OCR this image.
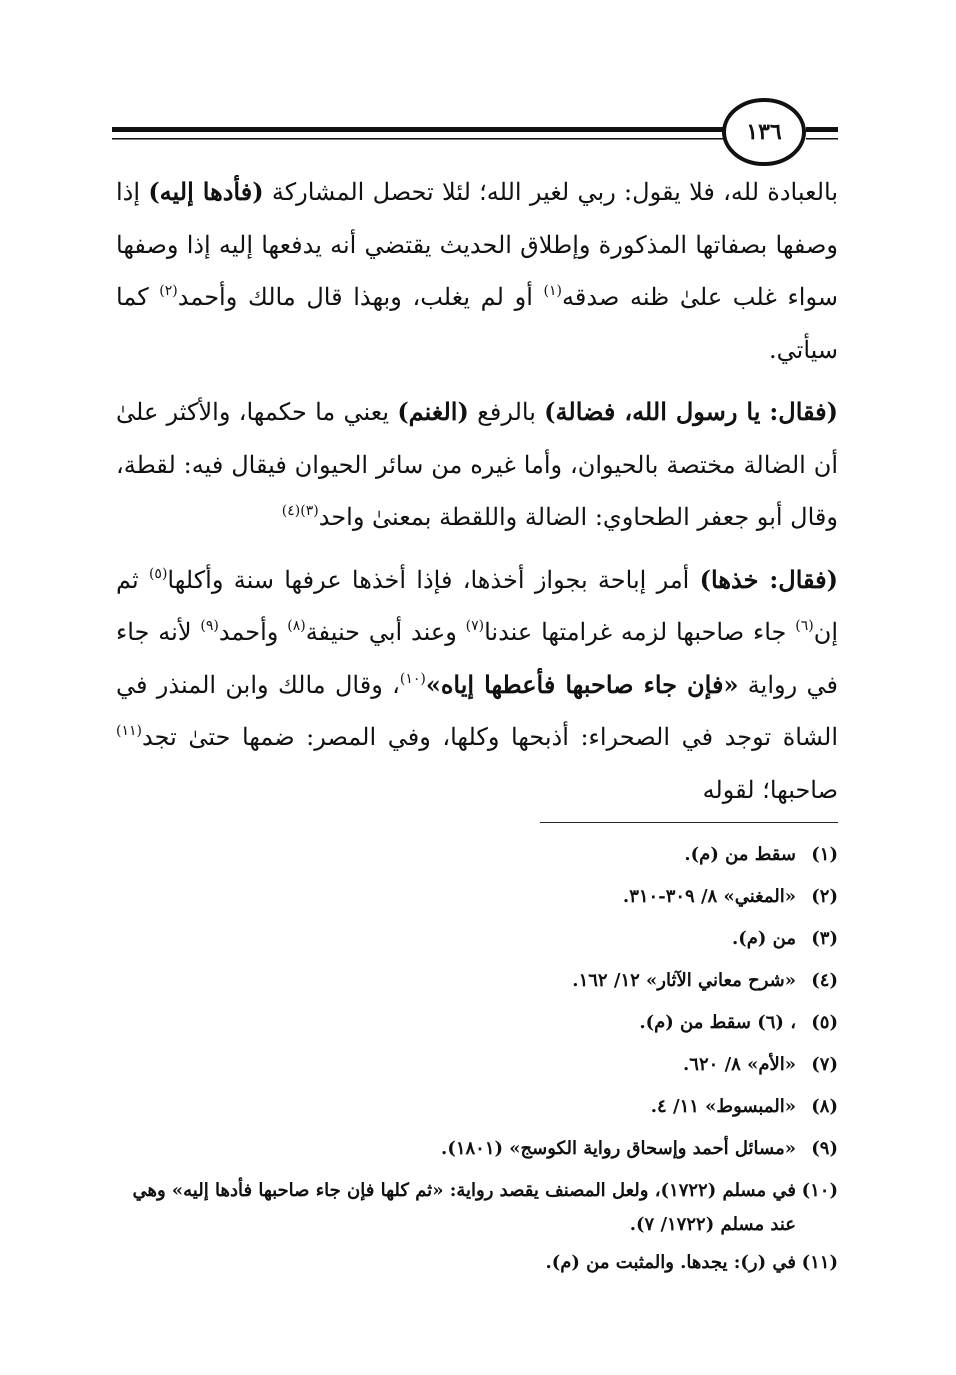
١٣٦

بالعبادة لله، فلا يقول: ربي لغير الله؛ لئلا تحصل المشاركة (فأدها إليه) إذا وصفها بصفاتها المذكورة وإطلاق الحديث يقتضي أنه يدفعها إليه إذا وصفها سواء غلب علىٰ ظنه صدقه$^{(١)}$ أو لم يغلب، وبهذا قال مالك وأحمد$^{(٢)}$ كما سيأتي.

(فقال: يا رسول الله، فضالة) بالرفع (الغنم) يعني ما حكمها، والأكثر علىٰ أن الضالة مختصة بالحيوان، وأما غيره من سائر الحيوان فيقال فيه: لقطة، وقال أبو جعفر الطحاوي: الضالة واللقطة بمعنىٰ واحد$^{(٣)(٤)}$

(فقال: خذها) أمر إباحة بجواز أخذها، فإذا أخذها عرفها سنة وأكلها$^{(٥)}$ ثم إن$^{(٦)}$ جاء صاحبها لزمه غرامتها عندنا$^{(٧)}$ وعند أبي حنيفة$^{(٨)}$ وأحمد$^{(٩)}$ لأنه جاء في رواية «فإن جاء صاحبها فأعطها إياه»$^{(١٠)}$، وقال مالك وابن المنذر في الشاة توجد في الصحراء: أذبحها وكلها، وفي المصر: ضمها حتىٰ تجد$^{(١١)}$ صاحبها؛ لقوله

(١)
سقط من (م).
(٢)
«المغني» ٨/ ٣٠٩-٣١٠.
(٣)
من (م).
(٤)
«شرح معاني الآثار» ١٢/ ١٦٢.
(٥)
، (٦) سقط من (م).
(٧)
«الأم» ٨/ ٦٢٠.
(٨)
«المبسوط» ١١/ ٤.
(٩)
«مسائل أحمد وإسحاق رواية الكوسج» (١٨٠١).
(١٠)
في مسلم (١٧٢٢)، ولعل المصنف يقصد رواية: «ثم كلها فإن جاء صاحبها فأدها إليه» وهي عند مسلم (١٧٢٢/ ٧).
(١١)
في (ر): يجدها. والمثبت من (م).
